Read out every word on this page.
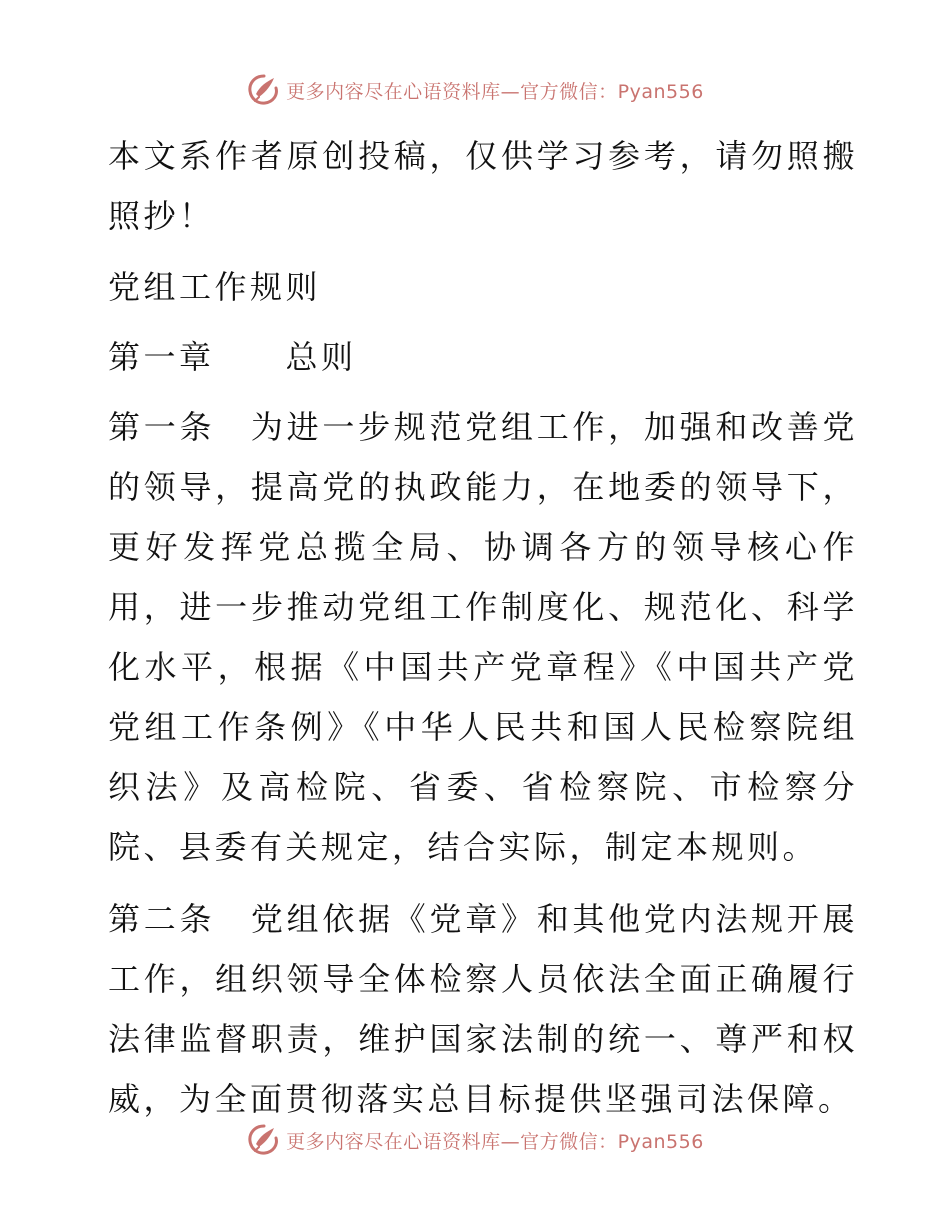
更多内容尽在心语资料库—官方微信：Pyan556

本文系作者原创投稿，仅供学习参考，请勿照搬照抄！

党组工作规则

第一章　　总则

第一条　为进一步规范党组工作，加强和改善党的领导，提高党的执政能力，在地委的领导下，更好发挥党总揽全局、协调各方的领导核心作用，进一步推动党组工作制度化、规范化、科学化水平，根据《中国共产党章程》《中国共产党党组工作条例》《中华人民共和国人民检察院组织法》及高检院、省委、省检察院、市检察分院、县委有关规定，结合实际，制定本规则。

第二条　党组依据《党章》和其他党内法规开展工作，组织领导全体检察人员依法全面正确履行法律监督职责，维护国家法制的统一、尊严和权威，为全面贯彻落实总目标提供坚强司法保障。

更多内容尽在心语资料库—官方微信：Pyan556
